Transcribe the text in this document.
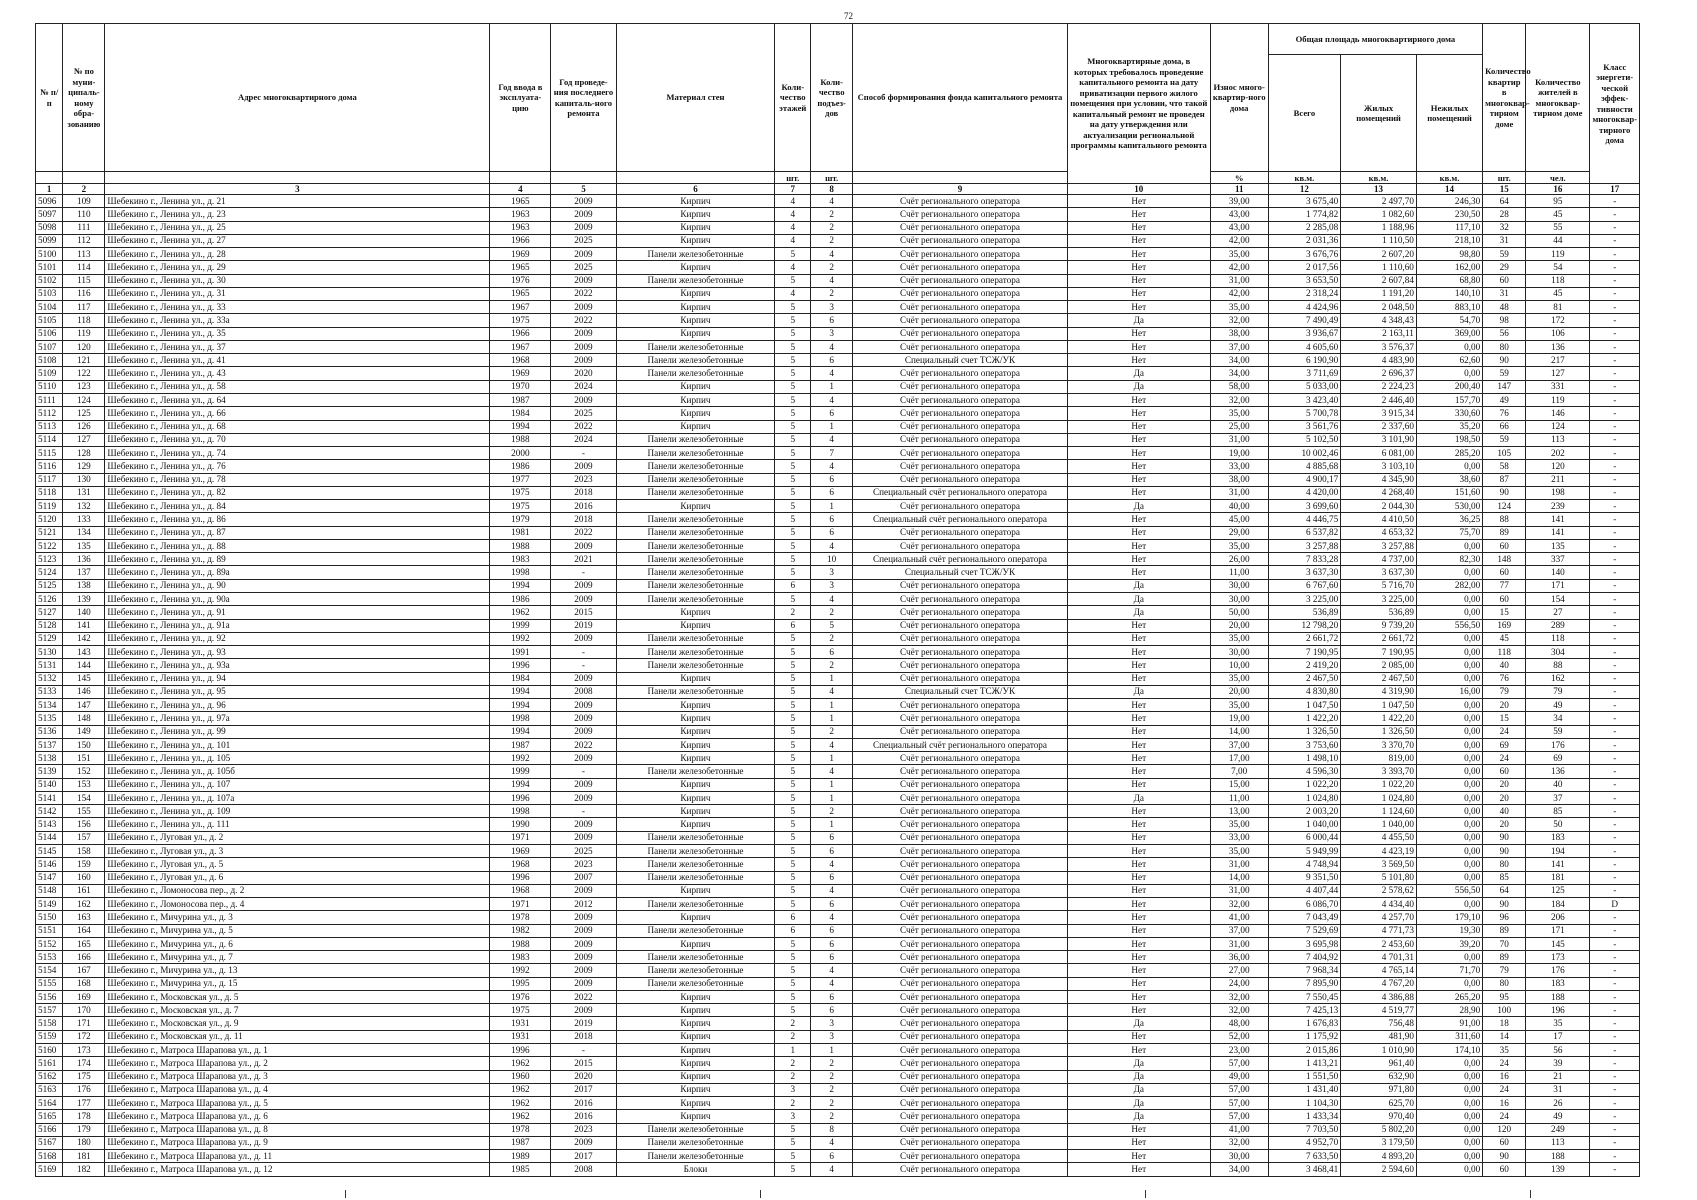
72
№ п/п	№ по муни-ципаль-ному обра-зованию	Адрес многоквартирного дома	Год ввода в эксплуата-цию	Год проведе-ния последнего капиталь-ного ремонта	Материал стен	Коли-чество этажей	Коли-чество подъез-дов	Способ формирования фонда капитального ремонта	Многоквартирные дома, в которых требовалось проведение капитального ремонта на дату приватизации первого жилого помещения при условии, что такой капитальный ремонт не проведен на дату утверждения или актуализации региональной программы капитального ремонта	Износ много-квартир-ного дома	Общая площадь многоквартирного дома			Количество квартир в многоквар-тирном доме	Количество жителей в многоквар-тирном доме	Класс энергети-ческой эффек-тивности многоквар-тирного дома
											Всего	Жилых помещений	Нежилых помещений			
						шт.	шт.			%	кв.м.	кв.м.	кв.м.	шт.	чел.	
1	2	3	4	5	6	7	8	9	10	11	12	13	14	15	16	17
5096	109	Шебекино г., Ленина ул., д. 21	1965	2009	Кирпич	4	4	Счёт регионального оператора	Нет	39,00	3 675,40	2 497,70	246,30	64	95	-
5097	110	Шебекино г., Ленина ул., д. 23	1963	2009	Кирпич	4	2	Счёт регионального оператора	Нет	43,00	1 774,82	1 082,60	230,50	28	45	-
5098	111	Шебекино г., Ленина ул., д. 25	1963	2009	Кирпич	4	2	Счёт регионального оператора	Нет	43,00	2 285,08	1 188,96	117,10	32	55	-
5099	112	Шебекино г., Ленина ул., д. 27	1966	2025	Кирпич	4	2	Счёт регионального оператора	Нет	42,00	2 031,36	1 110,50	218,10	31	44	-
5100	113	Шебекино г., Ленина ул., д. 28	1969	2009	Панели железобетонные	5	4	Счёт регионального оператора	Нет	35,00	3 676,76	2 607,20	98,80	59	119	-
5101	114	Шебекино г., Ленина ул., д. 29	1965	2025	Кирпич	4	2	Счёт регионального оператора	Нет	42,00	2 017,56	1 110,60	162,00	29	54	-
5102	115	Шебекино г., Ленина ул., д. 30	1976	2009	Панели железобетонные	5	4	Счёт регионального оператора	Нет	31,00	3 653,50	2 607,84	68,80	60	118	-
5103	116	Шебекино г., Ленина ул., д. 31	1965	2022	Кирпич	4	2	Счёт регионального оператора	Нет	42,00	2 318,24	1 191,20	140,10	31	45	-
5104	117	Шебекино г., Ленина ул., д. 33	1967	2009	Кирпич	5	3	Счёт регионального оператора	Нет	35,00	4 424,96	2 048,50	883,10	48	81	-
5105	118	Шебекино г., Ленина ул., д. 33а	1975	2022	Кирпич	5	6	Счёт регионального оператора	Да	32,00	7 490,49	4 348,43	54,70	98	172	-
5106	119	Шебекино г., Ленина ул., д. 35	1966	2009	Кирпич	5	3	Счёт регионального оператора	Нет	38,00	3 936,67	2 163,11	369,00	56	106	-
5107	120	Шебекино г., Ленина ул., д. 37	1967	2009	Панели железобетонные	5	4	Счёт регионального оператора	Нет	37,00	4 605,60	3 576,37	0,00	80	136	-
5108	121	Шебекино г., Ленина ул., д. 41	1968	2009	Панели железобетонные	5	6	Специальный счет ТСЖ/УК	Нет	34,00	6 190,90	4 483,90	62,60	90	217	-
5109	122	Шебекино г., Ленина ул., д. 43	1969	2020	Панели железобетонные	5	4	Счёт регионального оператора	Да	34,00	3 711,69	2 696,37	0,00	59	127	-
5110	123	Шебекино г., Ленина ул., д. 58	1970	2024	Кирпич	5	1	Счёт регионального оператора	Да	58,00	5 033,00	2 224,23	200,40	147	331	-
5111	124	Шебекино г., Ленина ул., д. 64	1987	2009	Кирпич	5	4	Счёт регионального оператора	Нет	32,00	3 423,40	2 446,40	157,70	49	119	-
5112	125	Шебекино г., Ленина ул., д. 66	1984	2025	Кирпич	5	6	Счёт регионального оператора	Нет	35,00	5 700,78	3 915,34	330,60	76	146	-
5113	126	Шебекино г., Ленина ул., д. 68	1994	2022	Кирпич	5	1	Счёт регионального оператора	Нет	25,00	3 561,76	2 337,60	35,20	66	124	-
5114	127	Шебекино г., Ленина ул., д. 70	1988	2024	Панели железобетонные	5	4	Счёт регионального оператора	Нет	31,00	5 102,50	3 101,90	198,50	59	113	-
5115	128	Шебекино г., Ленина ул., д. 74	2000	-	Панели железобетонные	5	7	Счёт регионального оператора	Нет	19,00	10 002,46	6 081,00	285,20	105	202	-
5116	129	Шебекино г., Ленина ул., д. 76	1986	2009	Панели железобетонные	5	4	Счёт регионального оператора	Нет	33,00	4 885,68	3 103,10	0,00	58	120	-
5117	130	Шебекино г., Ленина ул., д. 78	1977	2023	Панели железобетонные	5	6	Счёт регионального оператора	Нет	38,00	4 900,17	4 345,90	38,60	87	211	-
5118	131	Шебекино г., Ленина ул., д. 82	1975	2018	Панели железобетонные	5	6	Специальный счёт регионального оператора	Нет	31,00	4 420,00	4 268,40	151,60	90	198	-
5119	132	Шебекино г., Ленина ул., д. 84	1975	2016	Кирпич	5	1	Счёт регионального оператора	Да	40,00	3 699,60	2 044,30	530,00	124	239	-
5120	133	Шебекино г., Ленина ул., д. 86	1979	2018	Панели железобетонные	5	6	Специальный счёт регионального оператора	Нет	45,00	4 446,75	4 410,50	36,25	88	141	-
5121	134	Шебекино г., Ленина ул., д. 87	1981	2022	Панели железобетонные	5	6	Счёт регионального оператора	Нет	29,00	6 537,82	4 653,32	75,70	89	141	-
5122	135	Шебекино г., Ленина ул., д. 88	1988	2009	Панели железобетонные	5	4	Счёт регионального оператора	Нет	35,00	3 257,88	3 257,88	0,00	60	135	-
5123	136	Шебекино г., Ленина ул., д. 89	1983	2021	Панели железобетонные	5	10	Специальный счёт регионального оператора	Нет	26,00	7 833,28	4 737,00	82,30	148	337	-
5124	137	Шебекино г., Ленина ул., д. 89а	1998	-	Панели железобетонные	5	3	Специальный счет ТСЖ/УК	Нет	11,00	3 637,30	3 637,30	0,00	60	140	-
5125	138	Шебекино г., Ленина ул., д. 90	1994	2009	Панели железобетонные	6	3	Счёт регионального оператора	Да	30,00	6 767,60	5 716,70	282,00	77	171	-
5126	139	Шебекино г., Ленина ул., д. 90а	1986	2009	Панели железобетонные	5	4	Счёт регионального оператора	Да	30,00	3 225,00	3 225,00	0,00	60	154	-
5127	140	Шебекино г., Ленина ул., д. 91	1962	2015	Кирпич	2	2	Счёт регионального оператора	Да	50,00	536,89	536,89	0,00	15	27	-
5128	141	Шебекино г., Ленина ул., д. 91а	1999	2019	Кирпич	6	5	Счёт регионального оператора	Нет	20,00	12 798,20	9 739,20	556,50	169	289	-
5129	142	Шебекино г., Ленина ул., д. 92	1992	2009	Панели железобетонные	5	2	Счёт регионального оператора	Нет	35,00	2 661,72	2 661,72	0,00	45	118	-
5130	143	Шебекино г., Ленина ул., д. 93	1991	-	Панели железобетонные	5	6	Счёт регионального оператора	Нет	30,00	7 190,95	7 190,95	0,00	118	304	-
5131	144	Шебекино г., Ленина ул., д. 93а	1996	-	Панели железобетонные	5	2	Счёт регионального оператора	Нет	10,00	2 419,20	2 085,00	0,00	40	88	-
5132	145	Шебекино г., Ленина ул., д. 94	1984	2009	Кирпич	5	1	Счёт регионального оператора	Нет	35,00	2 467,50	2 467,50	0,00	76	162	-
5133	146	Шебекино г., Ленина ул., д. 95	1994	2008	Панели железобетонные	5	4	Специальный счет ТСЖ/УК	Да	20,00	4 830,80	4 319,90	16,00	79	79	-
5134	147	Шебекино г., Ленина ул., д. 96	1994	2009	Кирпич	5	1	Счёт регионального оператора	Нет	35,00	1 047,50	1 047,50	0,00	20	49	-
5135	148	Шебекино г., Ленина ул., д. 97а	1998	2009	Кирпич	5	1	Счёт регионального оператора	Нет	19,00	1 422,20	1 422,20	0,00	15	34	-
5136	149	Шебекино г., Ленина ул., д. 99	1994	2009	Кирпич	5	2	Счёт регионального оператора	Нет	14,00	1 326,50	1 326,50	0,00	24	59	-
5137	150	Шебекино г., Ленина ул., д. 101	1987	2022	Кирпич	5	4	Специальный счёт регионального оператора	Нет	37,00	3 753,60	3 370,70	0,00	69	176	-
5138	151	Шебекино г., Ленина ул., д. 105	1992	2009	Кирпич	5	1	Счёт регионального оператора	Нет	17,00	1 498,10	819,00	0,00	24	69	-
5139	152	Шебекино г., Ленина ул., д. 105б	1999	-	Панели железобетонные	5	4	Счёт регионального оператора	Нет	7,00	4 596,30	3 393,70	0,00	60	136	-
5140	153	Шебекино г., Ленина ул., д. 107	1994	2009	Кирпич	5	1	Счёт регионального оператора	Нет	15,00	1 022,20	1 022,20	0,00	20	40	-
5141	154	Шебекино г., Ленина ул., д. 107а	1996	2009	Кирпич	5	1	Счёт регионального оператора	Да	11,00	1 024,80	1 024,80	0,00	20	37	-
5142	155	Шебекино г., Ленина ул., д. 109	1998	-	Кирпич	5	2	Счёт регионального оператора	Нет	13,00	2 003,20	1 124,60	0,00	40	85	-
5143	156	Шебекино г., Ленина ул., д. 111	1990	2009	Кирпич	5	1	Счёт регионального оператора	Нет	35,00	1 040,00	1 040,00	0,00	20	50	-
5144	157	Шебекино г., Луговая ул., д. 2	1971	2009	Панели железобетонные	5	6	Счёт регионального оператора	Нет	33,00	6 000,44	4 455,50	0,00	90	183	-
5145	158	Шебекино г., Луговая ул., д. 3	1969	2025	Панели железобетонные	5	6	Счёт регионального оператора	Нет	35,00	5 949,99	4 423,19	0,00	90	194	-
5146	159	Шебекино г., Луговая ул., д. 5	1968	2023	Панели железобетонные	5	4	Счёт регионального оператора	Нет	31,00	4 748,94	3 569,50	0,00	80	141	-
5147	160	Шебекино г., Луговая ул., д. 6	1996	2007	Панели железобетонные	5	6	Счёт регионального оператора	Нет	14,00	9 351,50	5 101,80	0,00	85	181	-
5148	161	Шебекино г., Ломоносова пер., д. 2	1968	2009	Кирпич	5	4	Счёт регионального оператора	Нет	31,00	4 407,44	2 578,62	556,50	64	125	-
5149	162	Шебекино г., Ломоносова пер., д. 4	1971	2012	Панели железобетонные	5	6	Счёт регионального оператора	Нет	32,00	6 086,70	4 434,40	0,00	90	184	D
5150	163	Шебекино г., Мичурина ул., д. 3	1978	2009	Кирпич	6	4	Счёт регионального оператора	Нет	41,00	7 043,49	4 257,70	179,10	96	206	-
5151	164	Шебекино г., Мичурина ул., д. 5	1982	2009	Панели железобетонные	6	6	Счёт регионального оператора	Нет	37,00	7 529,69	4 771,73	19,30	89	171	-
5152	165	Шебекино г., Мичурина ул., д. 6	1988	2009	Кирпич	5	6	Счёт регионального оператора	Нет	31,00	3 695,98	2 453,60	39,20	70	145	-
5153	166	Шебекино г., Мичурина ул., д. 7	1983	2009	Панели железобетонные	5	6	Счёт регионального оператора	Нет	36,00	7 404,92	4 701,31	0,00	89	173	-
5154	167	Шебекино г., Мичурина ул., д. 13	1992	2009	Панели железобетонные	5	4	Счёт регионального оператора	Нет	27,00	7 968,34	4 765,14	71,70	79	176	-
5155	168	Шебекино г., Мичурина ул., д. 15	1995	2009	Панели железобетонные	5	4	Счёт регионального оператора	Нет	24,00	7 895,90	4 767,20	0,00	80	183	-
5156	169	Шебекино г., Московская ул., д. 5	1976	2022	Кирпич	5	6	Счёт регионального оператора	Нет	32,00	7 550,45	4 386,88	265,20	95	188	-
5157	170	Шебекино г., Московская ул., д. 7	1975	2009	Кирпич	5	6	Счёт регионального оператора	Нет	32,00	7 425,13	4 519,77	28,90	100	196	-
5158	171	Шебекино г., Московская ул., д. 9	1931	2019	Кирпич	2	3	Счёт регионального оператора	Да	48,00	1 676,83	756,48	91,00	18	35	-
5159	172	Шебекино г., Московская ул., д. 11	1931	2018	Кирпич	2	3	Счёт регионального оператора	Нет	52,00	1 175,92	481,90	311,60	14	17	-
5160	173	Шебекино г., Матроса Шарапова ул., д. 1	1996	-	Кирпич	1	1	Счёт регионального оператора	Нет	23,00	2 015,86	1 010,90	174,10	35	56	-
5161	174	Шебекино г., Матроса Шарапова ул., д. 2	1962	2015	Кирпич	2	2	Счёт регионального оператора	Да	57,00	1 413,21	961,40	0,00	24	39	-
5162	175	Шебекино г., Матроса Шарапова ул., д. 3	1960	2020	Кирпич	2	2	Счёт регионального оператора	Да	49,00	1 551,50	632,90	0,00	16	21	-
5163	176	Шебекино г., Матроса Шарапова ул., д. 4	1962	2017	Кирпич	3	2	Счёт регионального оператора	Да	57,00	1 431,40	971,80	0,00	24	31	-
5164	177	Шебекино г., Матроса Шарапова ул., д. 5	1962	2016	Кирпич	2	2	Счёт регионального оператора	Да	57,00	1 104,30	625,70	0,00	16	26	-
5165	178	Шебекино г., Матроса Шарапова ул., д. 6	1962	2016	Кирпич	3	2	Счёт регионального оператора	Да	57,00	1 433,34	970,40	0,00	24	49	-
5166	179	Шебекино г., Матроса Шарапова ул., д. 8	1978	2023	Панели железобетонные	5	8	Счёт регионального оператора	Нет	41,00	7 703,50	5 802,20	0,00	120	249	-
5167	180	Шебекино г., Матроса Шарапова ул., д. 9	1987	2009	Панели железобетонные	5	4	Счёт регионального оператора	Нет	32,00	4 952,70	3 179,50	0,00	60	113	-
5168	181	Шебекино г., Матроса Шарапова ул., д. 11	1989	2017	Панели железобетонные	5	6	Счёт регионального оператора	Нет	30,00	7 633,50	4 893,20	0,00	90	188	-
5169	182	Шебекино г., Матроса Шарапова ул., д. 12	1985	2008	Блоки	5	4	Счёт регионального оператора	Нет	34,00	3 468,41	2 594,60	0,00	60	139	-
